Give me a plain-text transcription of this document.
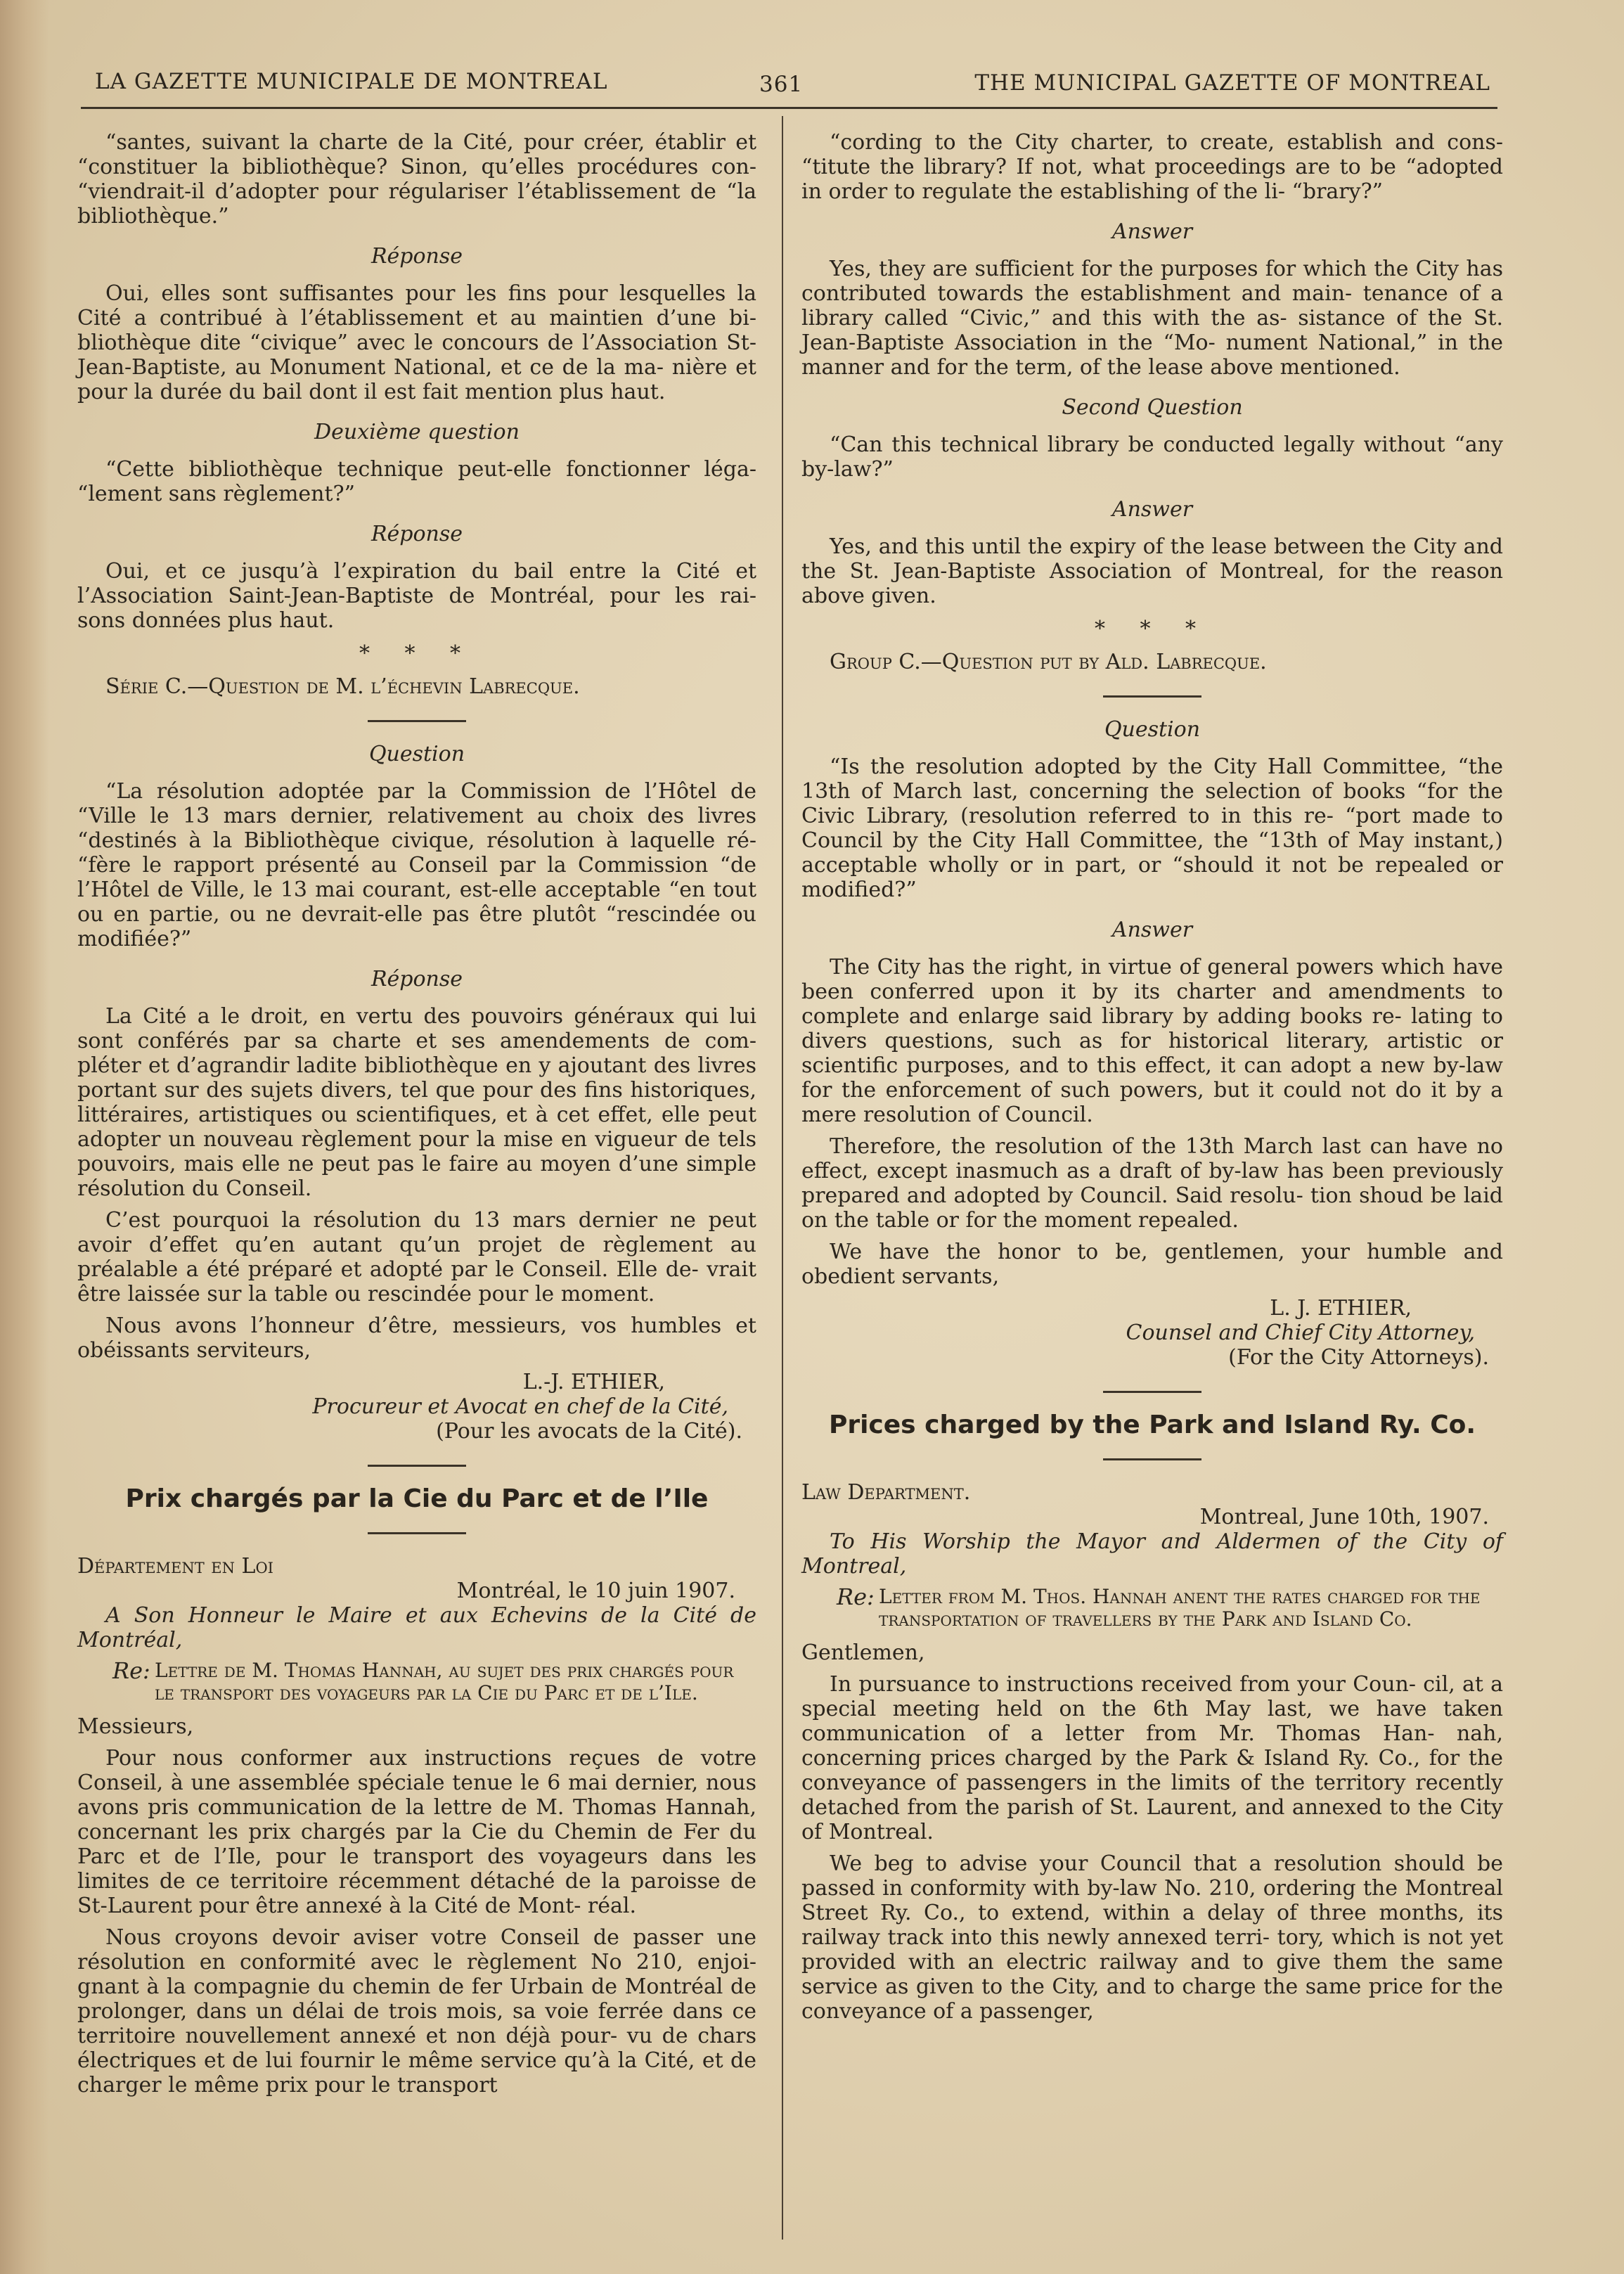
LA GAZETTE MUNICIPALE DE MONTREAL	361	THE MUNICIPAL GAZETTE OF MONTREAL

“santes, suivant la charte de la Cité, pour créer, établir et “constituer la bibliothèque? Sinon, qu’elles procédures con- “viendrait-il d’adopter pour régulariser l’établissement de “la bibliothèque.”

Réponse

Oui, elles sont suffisantes pour les fins pour lesquelles la Cité a contribué à l’établissement et au maintien d’une bi- bliothèque dite “civique” avec le concours de l’Association St-Jean-Baptiste, au Monument National, et ce de la ma- nière et pour la durée du bail dont il est fait mention plus haut.

Deuxième question

“Cette bibliothèque technique peut-elle fonctionner léga- “lement sans règlement?”

Réponse

Oui, et ce jusqu’à l’expiration du bail entre la Cité et l’Association Saint-Jean-Baptiste de Montréal, pour les rai- sons données plus haut.

* * *

Série C.—Question de M. l’échevin Labrecque.

Question

“La résolution adoptée par la Commission de l’Hôtel de “Ville le 13 mars dernier, relativement au choix des livres “destinés à la Bibliothèque civique, résolution à laquelle ré- “fère le rapport présenté au Conseil par la Commission “de l’Hôtel de Ville, le 13 mai courant, est-elle acceptable “en tout ou en partie, ou ne devrait-elle pas être plutôt “rescindée ou modifiée?”

Réponse

La Cité a le droit, en vertu des pouvoirs généraux qui lui sont conférés par sa charte et ses amendements de com- pléter et d’agrandir ladite bibliothèque en y ajoutant des livres portant sur des sujets divers, tel que pour des fins historiques, littéraires, artistiques ou scientifiques, et à cet effet, elle peut adopter un nouveau règlement pour la mise en vigueur de tels pouvoirs, mais elle ne peut pas le faire au moyen d’une simple résolution du Conseil.

C’est pourquoi la résolution du 13 mars dernier ne peut avoir d’effet qu’en autant qu’un projet de règlement au préalable a été préparé et adopté par le Conseil. Elle de- vrait être laissée sur la table ou rescindée pour le moment.

Nous avons l’honneur d’être, messieurs, vos humbles et obéissants serviteurs,

L.-J. ETHIER,
Procureur et Avocat en chef de la Cité,
(Pour les avocats de la Cité).
Prix chargés par la Cie du Parc et de l’Ile
Département en Loi
Montréal, le 10 juin 1907.

A Son Honneur le Maire et aux Echevins de la Cité de Montréal,

Re: Lettre de M. Thomas Hannah, au sujet des prix chargés pour le transport des voyageurs par la Cie du Parc et de l’Ile.

Messieurs,

Pour nous conformer aux instructions reçues de votre Conseil, à une assemblée spéciale tenue le 6 mai dernier, nous avons pris communication de la lettre de M. Thomas Hannah, concernant les prix chargés par la Cie du Chemin de Fer du Parc et de l’Ile, pour le transport des voyageurs dans les limites de ce territoire récemment détaché de la paroisse de St-Laurent pour être annexé à la Cité de Mont- réal.

Nous croyons devoir aviser votre Conseil de passer une résolution en conformité avec le règlement No 210, enjoi- gnant à la compagnie du chemin de fer Urbain de Montréal de prolonger, dans un délai de trois mois, sa voie ferrée dans ce territoire nouvellement annexé et non déjà pour- vu de chars électriques et de lui fournir le même service qu’à la Cité, et de charger le même prix pour le transport

“cording to the City charter, to create, establish and cons- “titute the library? If not, what proceedings are to be “adopted in order to regulate the establishing of the li- “brary?”

Answer

Yes, they are sufficient for the purposes for which the City has contributed towards the establishment and main- tenance of a library called “Civic,” and this with the as- sistance of the St. Jean-Baptiste Association in the “Mo- nument National,” in the manner and for the term, of the lease above mentioned.

Second Question

“Can this technical library be conducted legally without “any by-law?”

Answer

Yes, and this until the expiry of the lease between the City and the St. Jean-Baptiste Association of Montreal, for the reason above given.

* * *

Group C.—Question put by Ald. Labrecque.

Question

“Is the resolution adopted by the City Hall Committee, “the 13th of March last, concerning the selection of books “for the Civic Library, (resolution referred to in this re- “port made to Council by the City Hall Committee, the “13th of May instant,) acceptable wholly or in part, or “should it not be repealed or modified?”

Answer

The City has the right, in virtue of general powers which have been conferred upon it by its charter and amendments to complete and enlarge said library by adding books re- lating to divers questions, such as for historical literary, artistic or scientific purposes, and to this effect, it can adopt a new by-law for the enforcement of such powers, but it could not do it by a mere resolution of Council.

Therefore, the resolution of the 13th March last can have no effect, except inasmuch as a draft of by-law has been previously prepared and adopted by Council. Said resolu- tion shoud be laid on the table or for the moment repealed.

We have the honor to be, gentlemen, your humble and obedient servants,

L. J. ETHIER,
Counsel and Chief City Attorney,
(For the City Attorneys).
Prices charged by the Park and Island Ry. Co.
Law Department.
Montreal, June 10th, 1907.

To His Worship the Mayor and Aldermen of the City of Montreal,

Re: Letter from M. Thos. Hannah anent the rates charged for the transportation of travellers by the Park and Island Co.

Gentlemen,

In pursuance to instructions received from your Coun- cil, at a special meeting held on the 6th May last, we have taken communication of a letter from Mr. Thomas Han- nah, concerning prices charged by the Park & Island Ry. Co., for the conveyance of passengers in the limits of the territory recently detached from the parish of St. Laurent, and annexed to the City of Montreal.

We beg to advise your Council that a resolution should be passed in conformity with by-law No. 210, ordering the Montreal Street Ry. Co., to extend, within a delay of three months, its railway track into this newly annexed terri- tory, which is not yet provided with an electric railway and to give them the same service as given to the City, and to charge the same price for the conveyance of a passenger,
